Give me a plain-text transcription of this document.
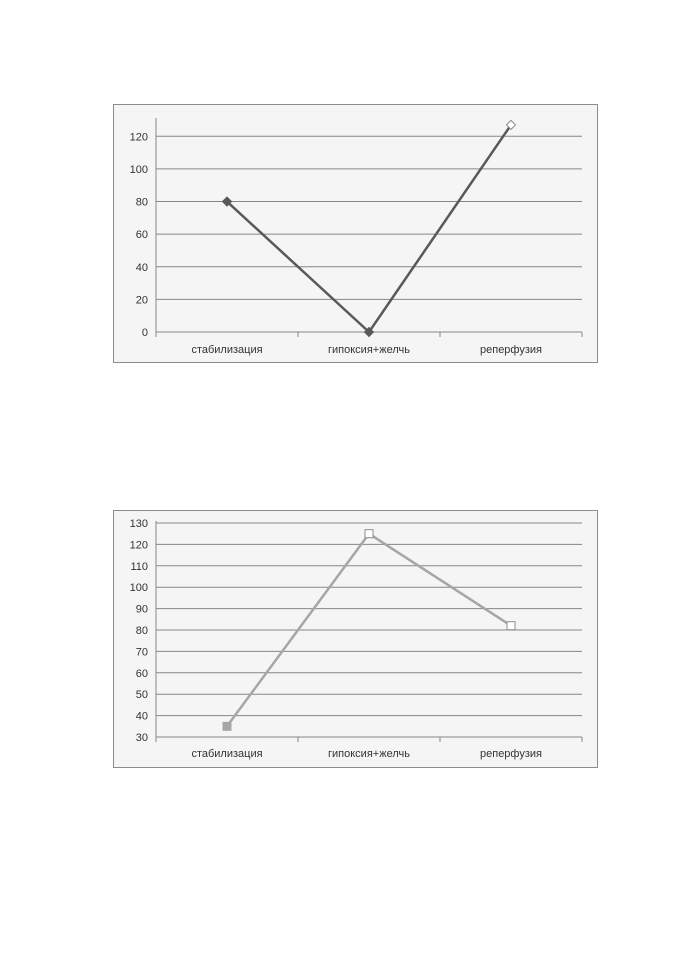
0
20
40
60
80
100
120
стабилизация	гипоксия+желчь	реперфузия
30
40
50
60
70
80
90
100
110
120
130
стабилизация	гипоксия+желчь	реперфузия
